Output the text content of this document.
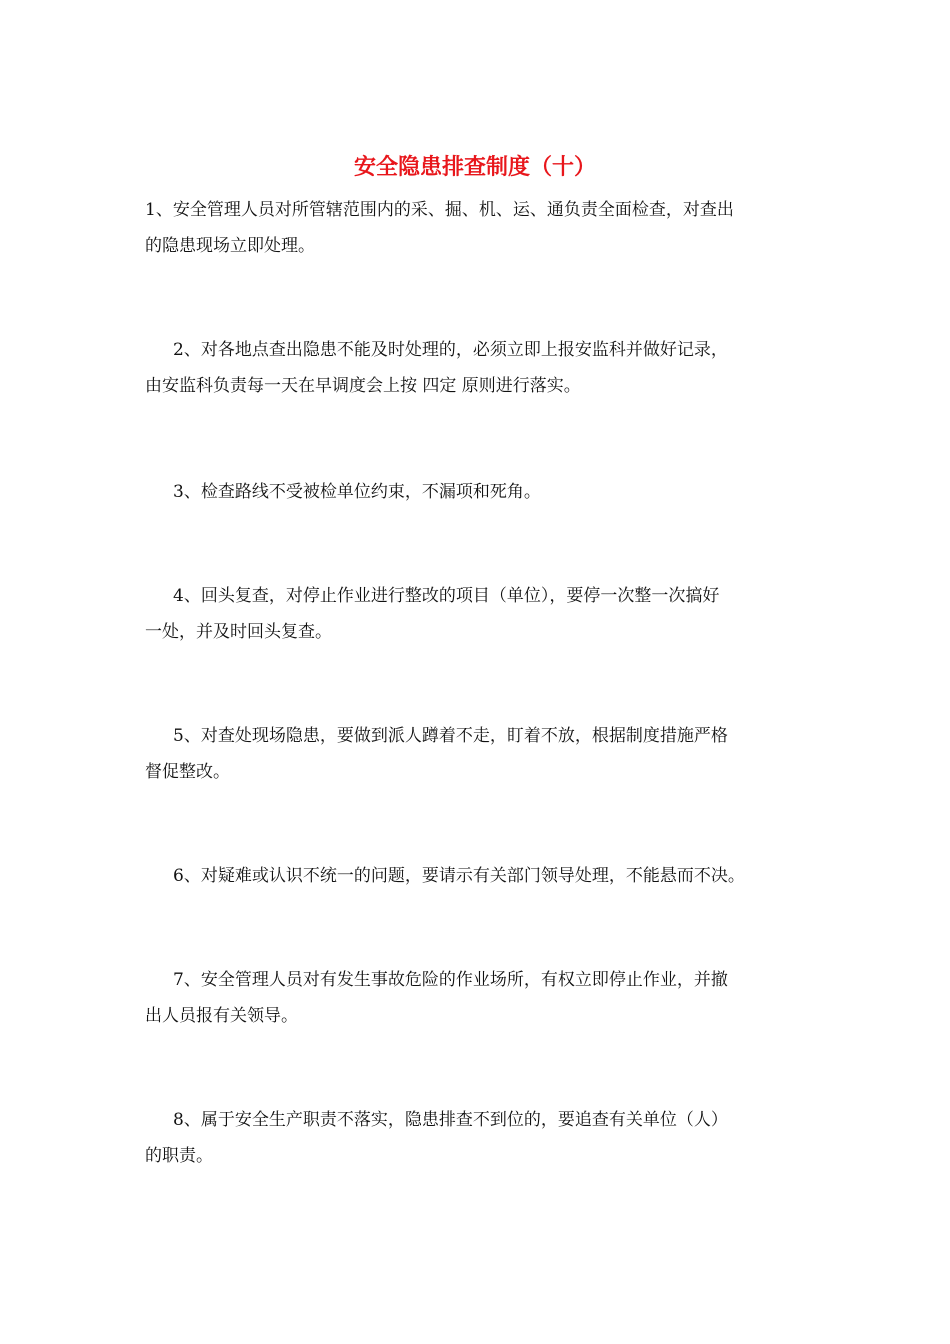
安全隐患排查制度（十）

1、安全管理人员对所管辖范围内的采、掘、机、运、通负责全面检查，对查出
的隐患现场立即处理。

2、对各地点查出隐患不能及时处理的，必须立即上报安监科并做好记录，
由安监科负责每一天在早调度会上按 四定 原则进行落实。

3、检查路线不受被检单位约束，不漏项和死角。

4、回头复查，对停止作业进行整改的项目（单位），要停一次整一次搞好
一处，并及时回头复查。

5、对查处现场隐患，要做到派人蹲着不走，盯着不放，根据制度措施严格
督促整改。

6、对疑难或认识不统一的问题，要请示有关部门领导处理，不能悬而不决。

7、安全管理人员对有发生事故危险的作业场所，有权立即停止作业，并撤
出人员报有关领导。

8、属于安全生产职责不落实，隐患排查不到位的，要追查有关单位（人）
的职责。
